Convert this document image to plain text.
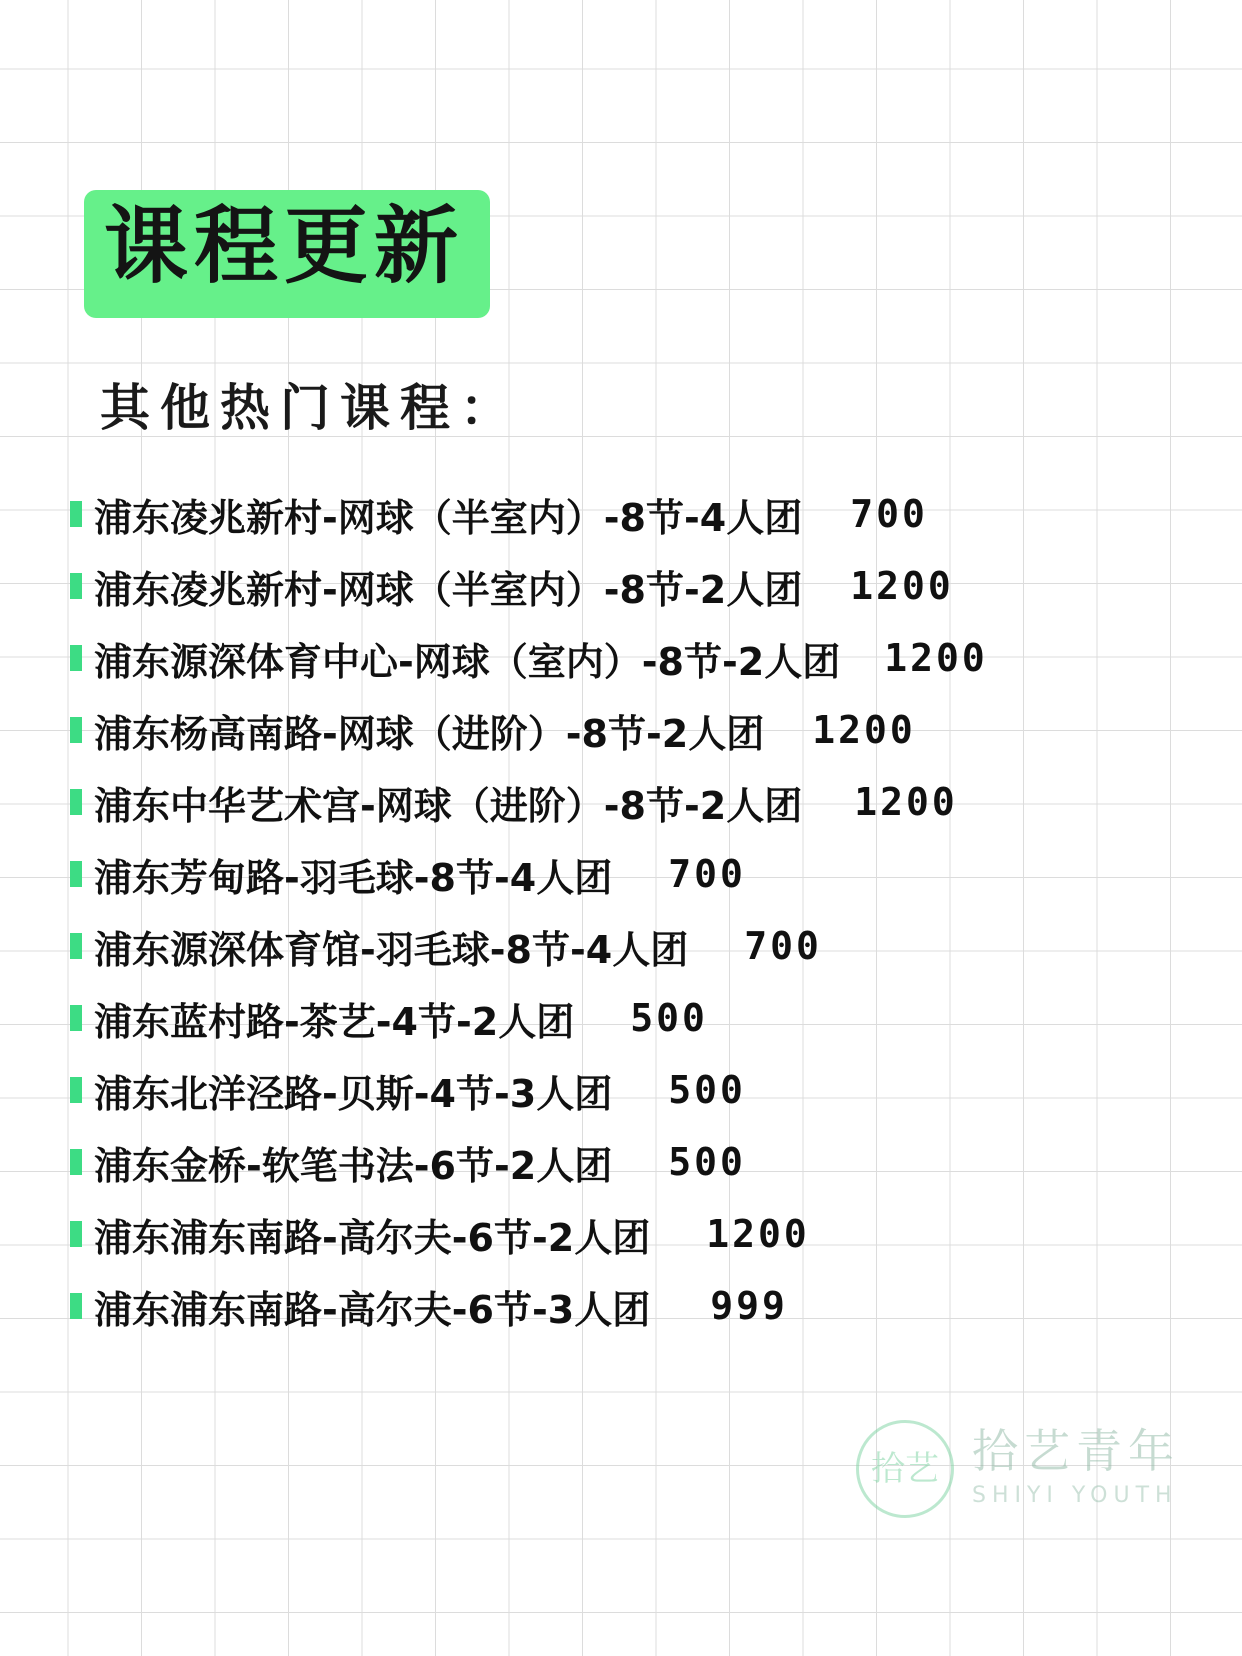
课程更新
其他热门课程：
浦东凌兆新村-网球（半室内）-8节-4人团 700
浦东凌兆新村-网球（半室内）-8节-2人团 1200
浦东源深体育中心-网球（室内）-8节-2人团 1200
浦东杨高南路-网球（进阶）-8节-2人团 1200
浦东中华艺术宫-网球（进阶）-8节-2人团 1200
浦东芳甸路-羽毛球-8节-4人团 700
浦东源深体育馆-羽毛球-8节-4人团 700
浦东蓝村路-茶艺-4节-2人团 500
浦东北洋泾路-贝斯-4节-3人团 500
浦东金桥-软笔书法-6节-2人团 500
浦东浦东南路-高尔夫-6节-2人团 1200
浦东浦东南路-高尔夫-6节-3人团 999
拾艺 拾艺青年
SHIYI YOUTH
